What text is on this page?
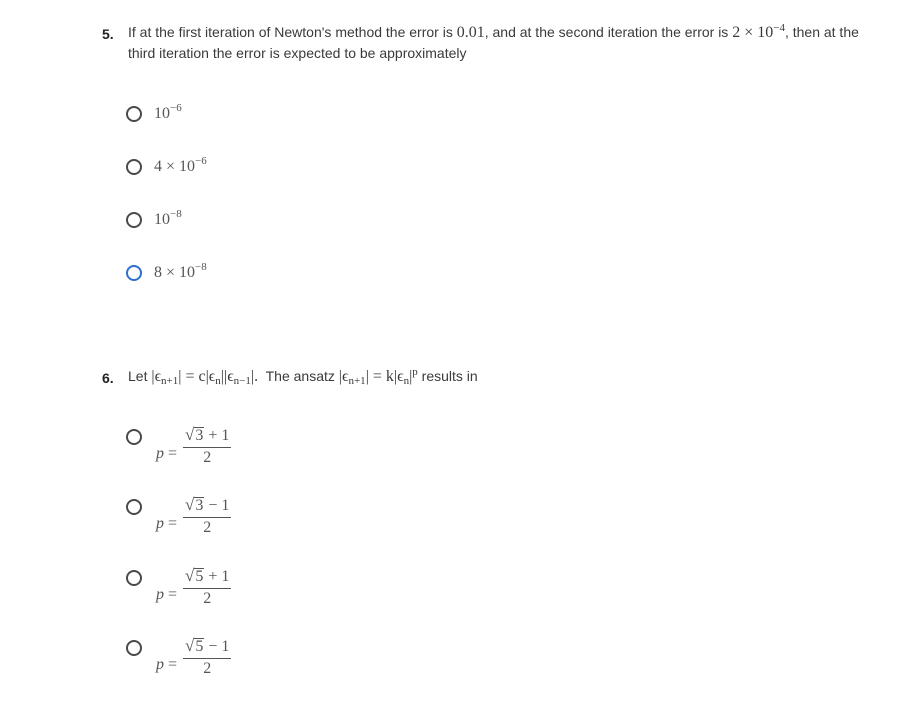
5. If at the first iteration of Newton's method the error is 0.01, and at the second iteration the error is $2 \times 10^{-4}$, then at the third iteration the error is expected to be approximately
$10^{-6}$
$4 \times 10^{-6}$
$10^{-8}$
$8 \times 10^{-8}$
6. Let $|\epsilon_{n+1}| = c|\epsilon_n||\epsilon_{n-1}|$.  The ansatz $|\epsilon_{n+1}| = k|\epsilon_n|^p$ results in
$p = \frac{√ 3 + 1}{2}$
$p = \frac{√ 3 - 1}{2}$
$p = \frac{√ 5 + 1}{2}$
$p = \frac{√ 5 - 1}{2}$
